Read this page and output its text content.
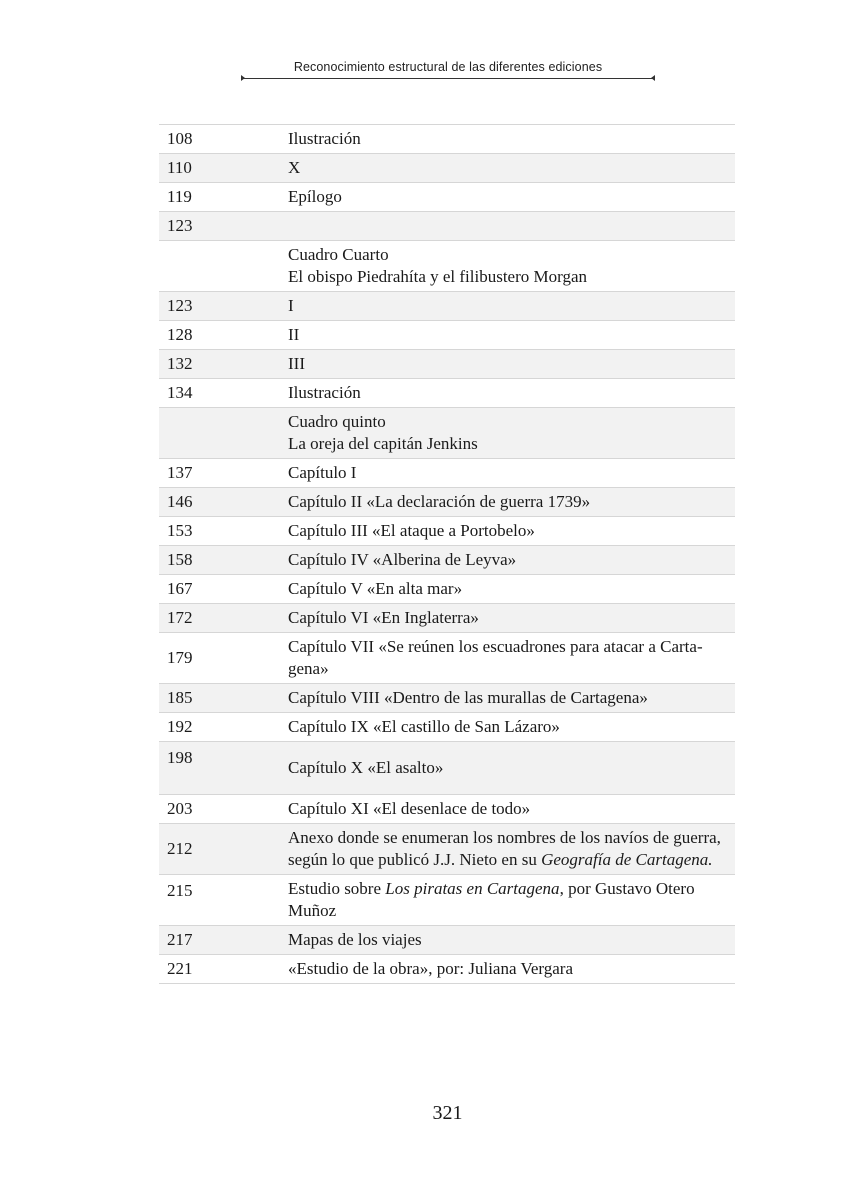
Reconocimiento estructural de las diferentes ediciones
108	Ilustración
110	X
119	Epílogo
123	

	Cuadro Cuarto
El obispo Piedrahíta y el filibustero Morgan

123	I
128	II
132	III
134	Ilustración

	Cuadro quinto
La oreja del capitán Jenkins

137	Capítulo I
146	Capítulo II «La declaración de guerra 1739»
153	Capítulo III «El ataque a Portobelo»
158	Capítulo IV «Alberina de Leyva»
167	Capítulo V «En alta mar»
172	Capítulo VI «En Inglaterra»
179	Capítulo VII «Se reúnen los escuadrones para atacar a Carta-gena»
185	Capítulo VIII «Dentro de las murallas de Cartagena»
192	Capítulo IX «El castillo de San Lázaro»
198	Capítulo X «El asalto»
203	Capítulo XI «El desenlace de todo»
212	Anexo donde se enumeran los nombres de los navíos de guerra, según lo que publicó J.J. Nieto en su Geografía de Cartagena.
215	Estudio sobre Los piratas en Cartagena, por Gustavo Otero Muñoz
217	Mapas de los viajes
221	«Estudio de la obra», por: Juliana Vergara
321
